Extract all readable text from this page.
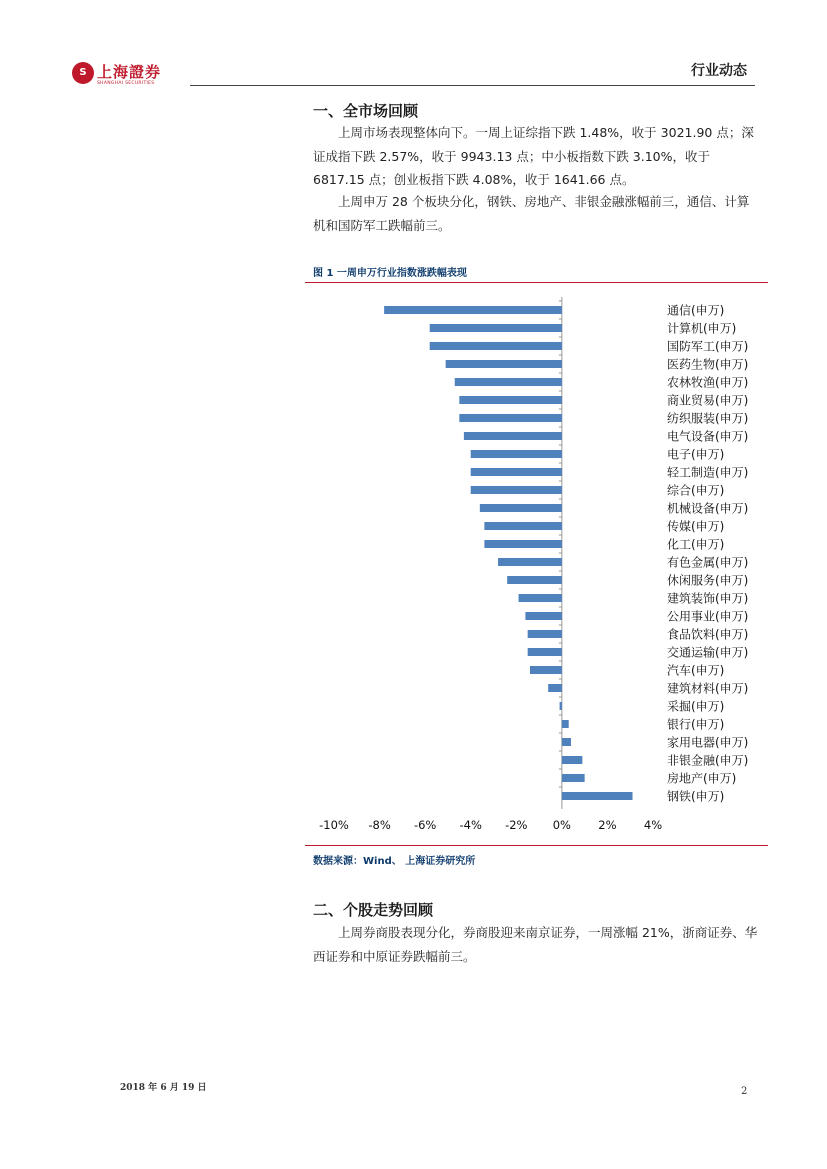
S 上海證券
SHANGHAI SECURITIES
行业动态
一、全市场回顾
上周市场表现整体向下。一周上证综指下跌 1.48%，收于 3021.90 点；深证成指下跌 2.57%，收于 9943.13 点；中小板指数下跌 3.10%，收于 6817.15 点；创业板指下跌 4.08%，收于 1641.66 点。
上周申万 28 个板块分化，钢铁、房地产、非银金融涨幅前三，通信、计算机和国防军工跌幅前三。
图 1 一周申万行业指数涨跌幅表现
通信(申万)
计算机(申万)
国防军工(申万)
医药生物(申万)
农林牧渔(申万)
商业贸易(申万)
纺织服装(申万)
电气设备(申万)
电子(申万)
轻工制造(申万)
综合(申万)
机械设备(申万)
传媒(申万)
化工(申万)
有色金属(申万)
休闲服务(申万)
建筑装饰(申万)
公用事业(申万)
食品饮料(申万)
交通运输(申万)
汽车(申万)
建筑材料(申万)
采掘(申万)
银行(申万)
家用电器(申万)
非银金融(申万)
房地产(申万)
钢铁(申万)
-10% -8% -6% -4% -2% 0% 2% 4%
数据来源：Wind、 上海证券研究所
二、个股走势回顾
上周券商股表现分化，券商股迎来南京证券，一周涨幅 21%，浙商证券、华西证券和中原证券跌幅前三。
2018 年 6 月 19 日	2
